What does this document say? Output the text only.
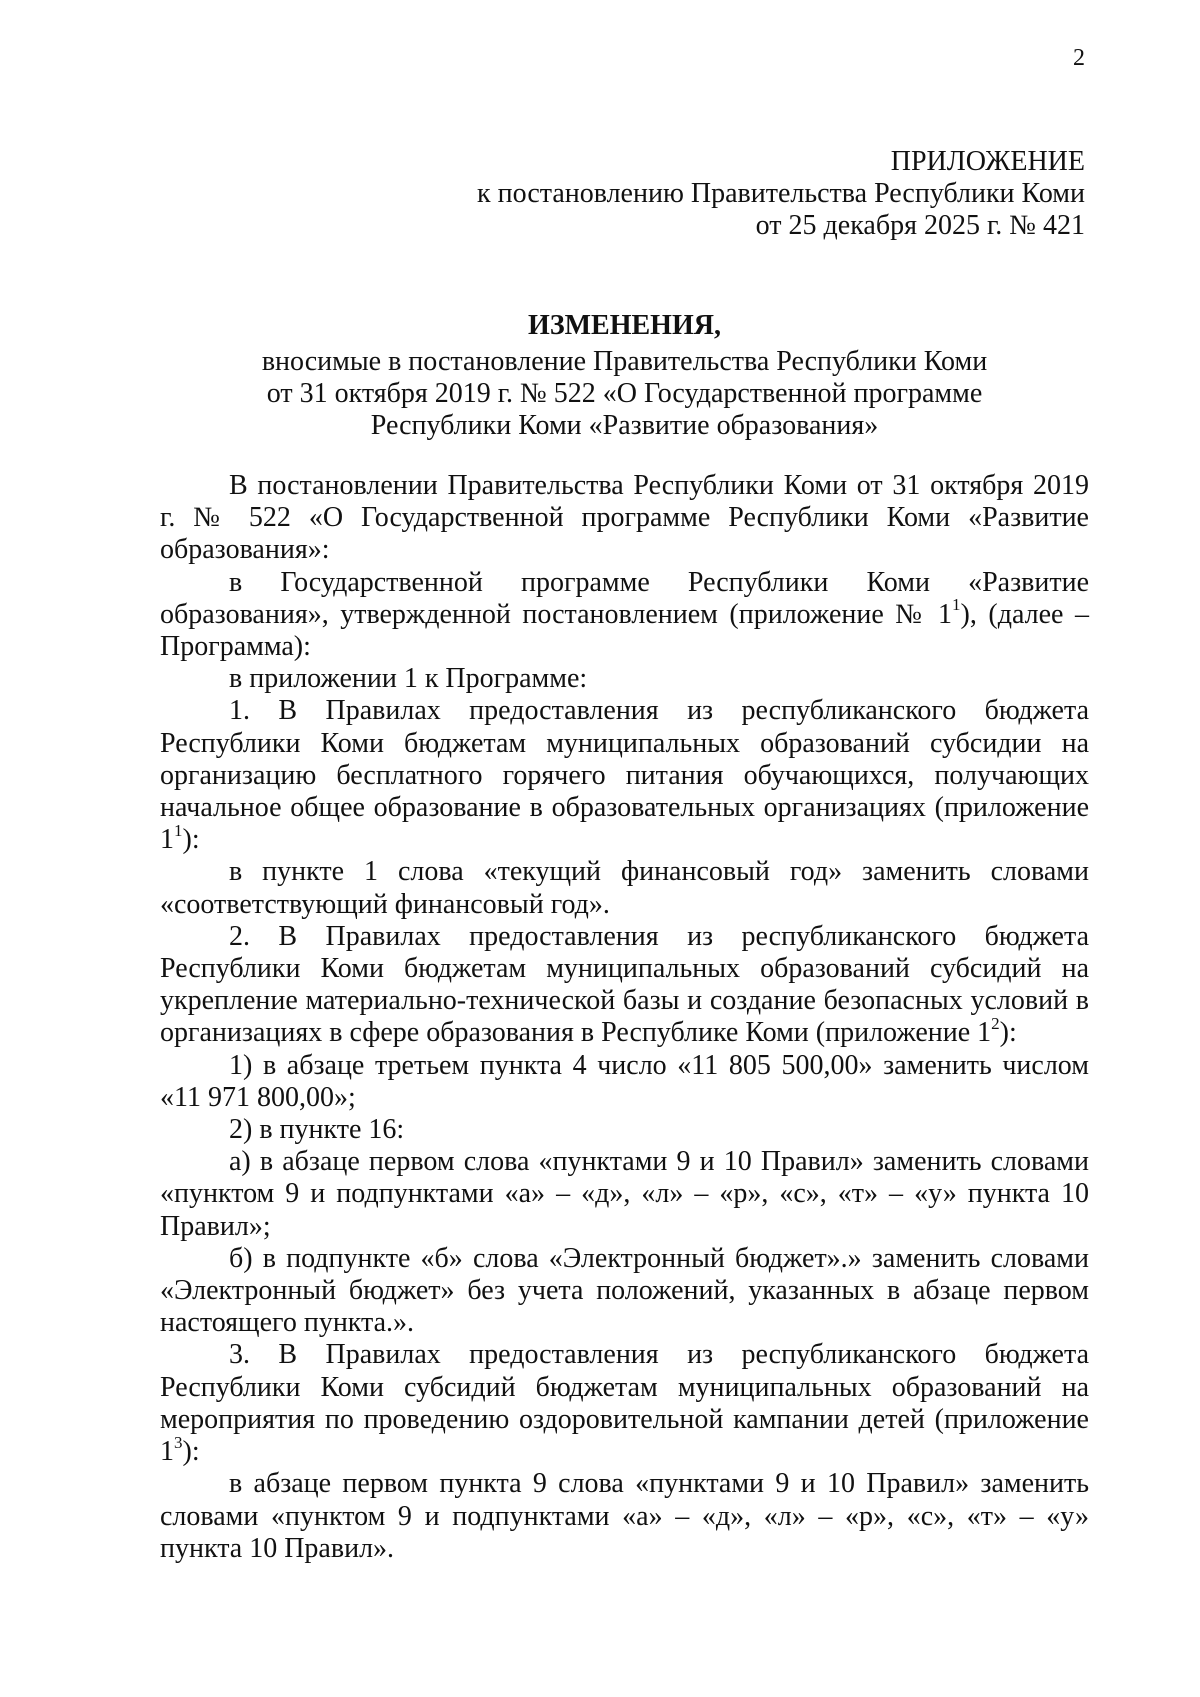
2
ПРИЛОЖЕНИЕ
к постановлению Правительства Республики Коми
от 25 декабря 2025 г. № 421
ИЗМЕНЕНИЯ,
вносимые в постановление Правительства Республики Коми
от 31 октября 2019 г. № 522 «О Государственной программе
Республики Коми «Развитие образования»

В постановлении Правительства Республики Коми от 31 октября 2019 г. № 522 «О Государственной программе Республики Коми «Развитие образования»:

в Государственной программе Республики Коми «Развитие образования», утвержденной постановлением (приложение № $1^1$), (далее – Программа):

в приложении 1 к Программе:

1. В Правилах предоставления из республиканского бюджета Республики Коми бюджетам муниципальных образований субсидии на организацию бесплатного горячего питания обучающихся, получающих начальное общее образование в образовательных организациях (приложение $1^1$):

в пункте 1 слова «текущий финансовый год» заменить словами «соответствующий финансовый год».

2. В Правилах предоставления из республиканского бюджета Республики Коми бюджетам муниципальных образований субсидий на укрепление материально-технической базы и создание безопасных условий в организациях в сфере образования в Республике Коми (приложение $1^2$):

1) в абзаце третьем пункта 4 число «11 805 500,00» заменить числом «11 971 800,00»;

2) в пункте 16:

а) в абзаце первом слова «пунктами 9 и 10 Правил» заменить словами «пунктом 9 и подпунктами «а» – «д», «л» – «р», «с», «т» – «у» пункта 10 Правил»;

б) в подпункте «б» слова «Электронный бюджет».» заменить словами «Электронный бюджет» без учета положений, указанных в абзаце первом настоящего пункта.».

3. В Правилах предоставления из республиканского бюджета Республики Коми субсидий бюджетам муниципальных образований на мероприятия по проведению оздоровительной кампании детей (приложение $1^3$):

в абзаце первом пункта 9 слова «пунктами 9 и 10 Правил» заменить словами «пунктом 9 и подпунктами «а» – «д», «л» – «р», «с», «т» – «у» пункта 10 Правил».
